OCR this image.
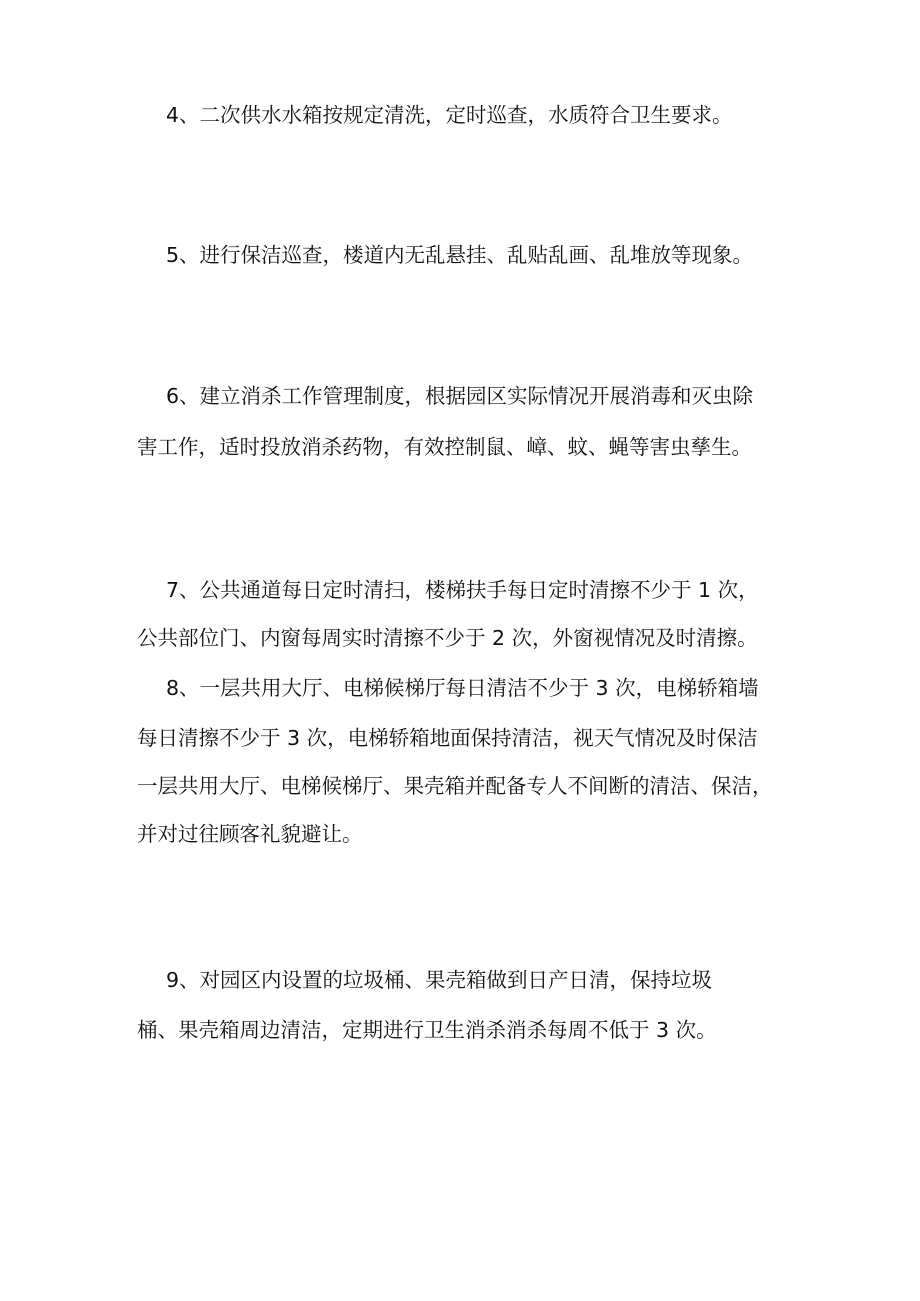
4、二次供水水箱按规定清洗，定时巡查，水质符合卫生要求。

5、进行保洁巡查，楼道内无乱悬挂、乱贴乱画、乱堆放等现象。

6、建立消杀工作管理制度，根据园区实际情况开展消毒和灭虫除

害工作，适时投放消杀药物，有效控制鼠、嶂、蚊、蝇等害虫孳生。

7、公共通道每日定时清扫，楼梯扶手每日定时清擦不少于 1 次，

公共部位门、内窗每周实时清擦不少于 2 次，外窗视情况及时清擦。

8、一层共用大厅、电梯候梯厅每日清洁不少于 3 次，电梯轿箱墙

每日清擦不少于 3 次，电梯轿箱地面保持清洁，视天气情况及时保洁

一层共用大厅、电梯候梯厅、果壳箱并配备专人不间断的清洁、保洁，

并对过往顾客礼貌避让。

9、对园区内设置的垃圾桶、果壳箱做到日产日清，保持垃圾

桶、果壳箱周边清洁，定期进行卫生消杀消杀每周不低于 3 次。
